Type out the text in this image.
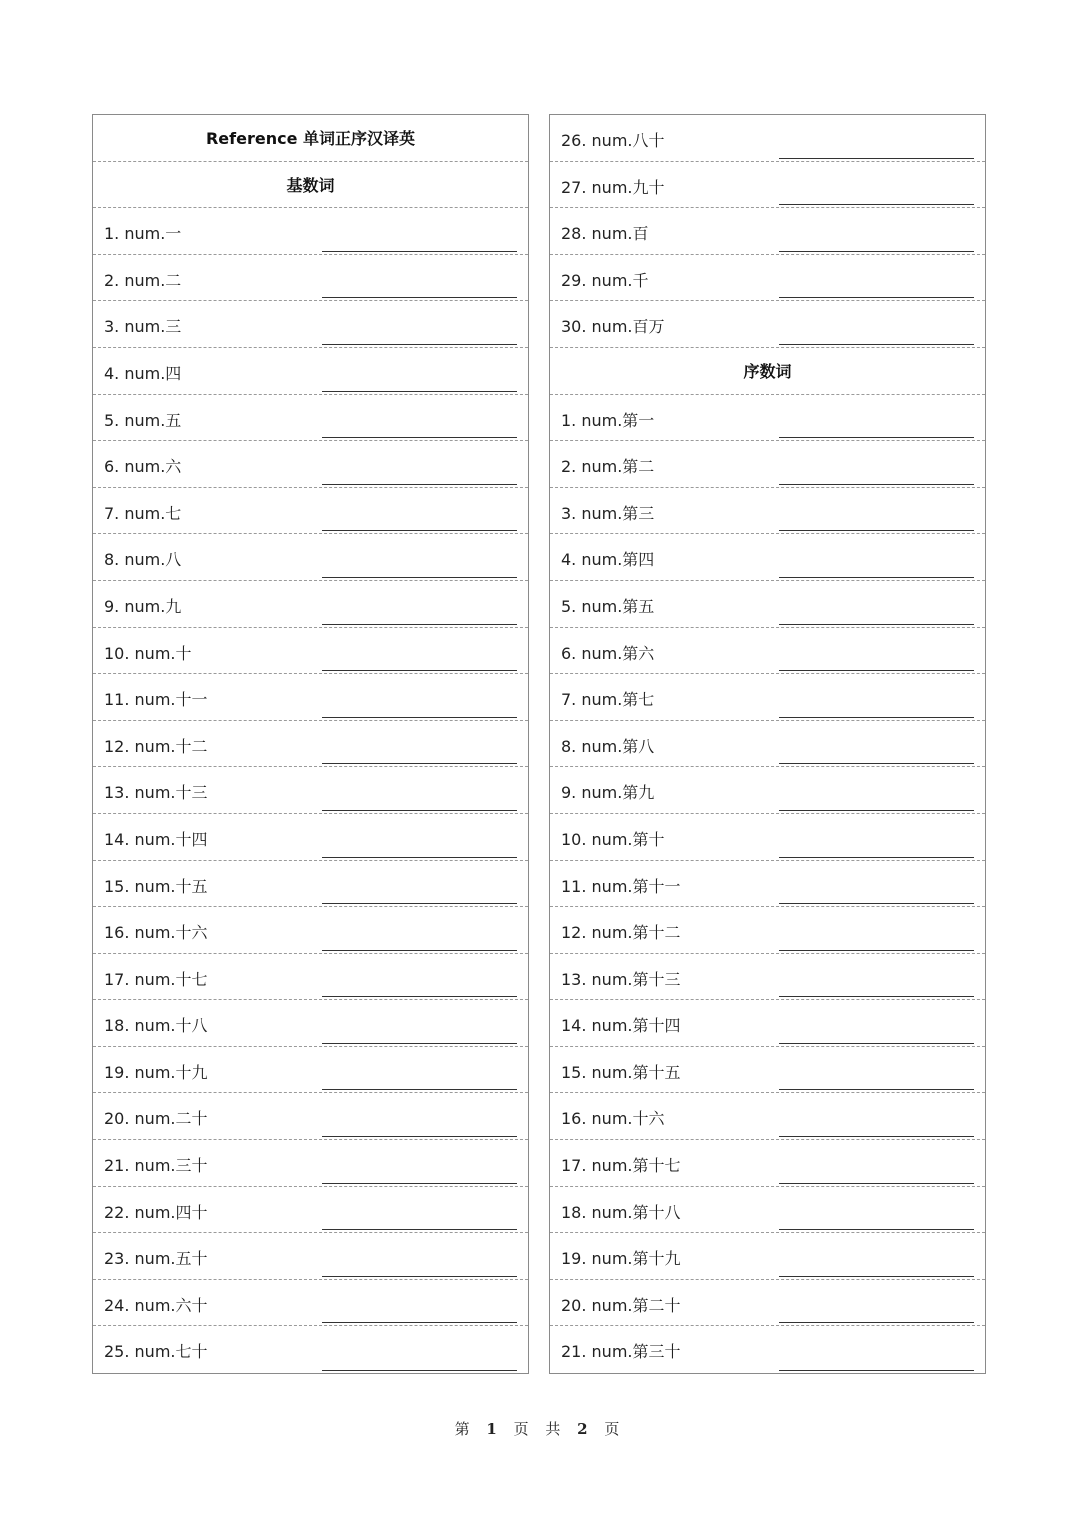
Reference 单词正序汉译英
基数词
1. num.一
2. num.二
3. num.三
4. num.四
5. num.五
6. num.六
7. num.七
8. num.八
9. num.九
10. num.十
11. num.十一
12. num.十二
13. num.十三
14. num.十四
15. num.十五
16. num.十六
17. num.十七
18. num.十八
19. num.十九
20. num.二十
21. num.三十
22. num.四十
23. num.五十
24. num.六十
25. num.七十
26. num.八十
27. num.九十
28. num.百
29. num.千
30. num.百万
序数词
1. num.第一
2. num.第二
3. num.第三
4. num.第四
5. num.第五
6. num.第六
7. num.第七
8. num.第八
9. num.第九
10. num.第十
11. num.第十一
12. num.第十二
13. num.第十三
14. num.第十四
15. num.第十五
16. num.十六
17. num.第十七
18. num.第十八
19. num.第十九
20. num.第二十
21. num.第三十
第 1 页 共 2 页
